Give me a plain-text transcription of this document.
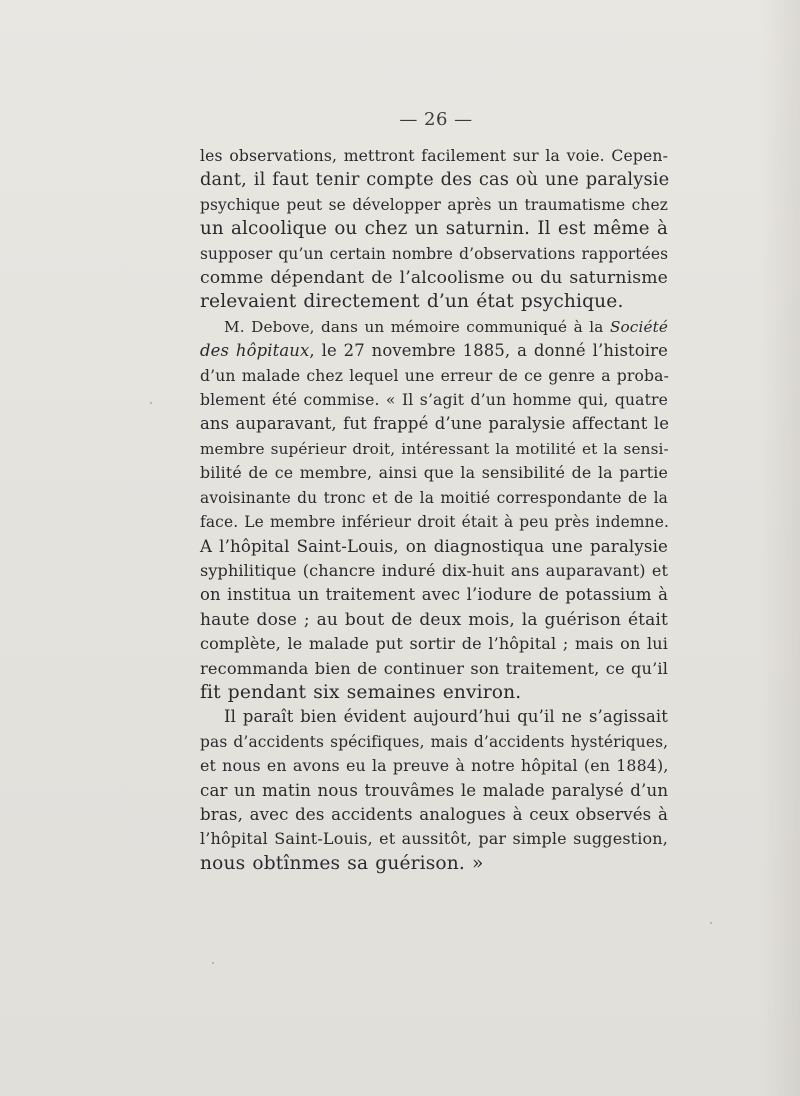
— 26 —

les observations, mettront facilement sur la voie. Cepen-
dant, il faut tenir compte des cas où une paralysie
psychique peut se développer après un traumatisme chez
un alcoolique ou chez un saturnin. Il est même à
supposer qu’un certain nombre d’observations rapportées
comme dépendant de l’alcoolisme ou du saturnisme
relevaient directement d’un état psychique.

M. Debove, dans un mémoire communiqué à la Société
des hôpitaux, le 27 novembre 1885, a donné l’histoire
d’un malade chez lequel une erreur de ce genre a proba-
blement été commise. « Il s’agit d’un homme qui, quatre
ans auparavant, fut frappé d’une paralysie affectant le
membre supérieur droit, intéressant la motilité et la sensi-
bilité de ce membre, ainsi que la sensibilité de la partie
avoisinante du tronc et de la moitié correspondante de la
face. Le membre inférieur droit était à peu près indemne.
A l’hôpital Saint-Louis, on diagnostiqua une paralysie
syphilitique (chancre induré dix-huit ans auparavant) et
on institua un traitement avec l’iodure de potassium à
haute dose ; au bout de deux mois, la guérison était
complète, le malade put sortir de l’hôpital ; mais on lui
recommanda bien de continuer son traitement, ce qu’il
fit pendant six semaines environ.

Il paraît bien évident aujourd’hui qu’il ne s’agissait
pas d’accidents spécifiques, mais d’accidents hystériques,
et nous en avons eu la preuve à notre hôpital (en 1884),
car un matin nous trouvâmes le malade paralysé d’un
bras, avec des accidents analogues à ceux observés à
l’hôpital Saint-Louis, et aussitôt, par simple suggestion,
nous obtînmes sa guérison. »
